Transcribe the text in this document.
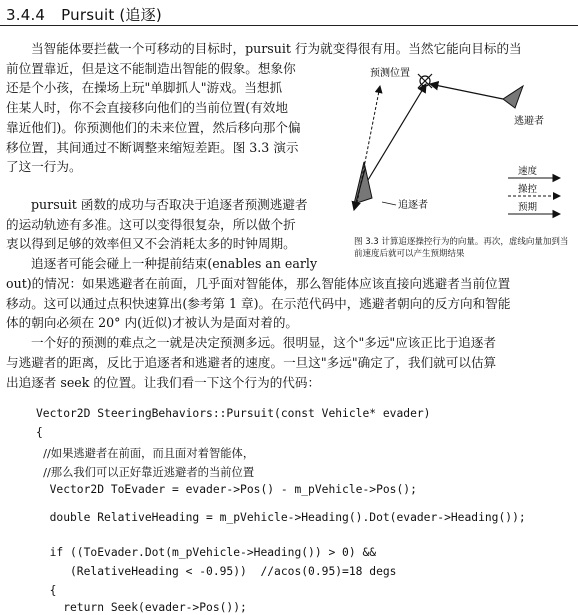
3.4.4 Pursuit (追逐)
当智能体要拦截一个可移动的目标时，pursuit 行为就变得很有用。当然它能向目标的当
前位置靠近，但是这不能制造出智能的假象。想象你
还是个小孩，在操场上玩"单脚抓人"游戏。当想抓
住某人时，你不会直接移向他们的当前位置(有效地
靠近他们)。你预测他们的未来位置，然后移向那个偏
移位置，其间通过不断调整来缩短差距。图 3.3 演示
了这一行为。
pursuit 函数的成功与否取决于追逐者预测逃避者
的运动轨迹有多准。这可以变得很复杂，所以做个折
衷以得到足够的效率但又不会消耗太多的时钟周期。
追逐者可能会碰上一种提前结束(enables an early
out)的情况：如果逃避者在前面，几乎面对智能体，那么智能体应该直接向逃避者当前位置
移动。这可以通过点积快速算出(参考第 1 章)。在示范代码中，逃避者朝向的反方向和智能
体的朝向必须在 20° 内(近似)才被认为是面对着的。
一个好的预测的难点之一就是决定预测多远。很明显，这个"多远"应该正比于追逐者
与逃避者的距离，反比于追逐者和逃避者的速度。一旦这"多远"确定了，我们就可以估算
出追逐者 seek 的位置。让我们看一下这个行为的代码：
预测位置
逃避者
追逐者
速度
操控
预期
图 3.3 计算追逐操控行为的向量。再次，虚线向量加到当前速度后就可以产生预期结果
Vector2D SteeringBehaviors::Pursuit(const Vehicle* evader)
{
//如果逃避者在前面，而且面对着智能体，
//那么我们可以正好靠近逃避者的当前位置
Vector2D ToEvader = evader->Pos() - m_pVehicle->Pos();
double RelativeHeading = m_pVehicle->Heading().Dot(evader->Heading());
if ((ToEvader.Dot(m_pVehicle->Heading()) > 0) &&
(RelativeHeading < -0.95))  //acos(0.95)=18 degs
{
return Seek(evader->Pos());
